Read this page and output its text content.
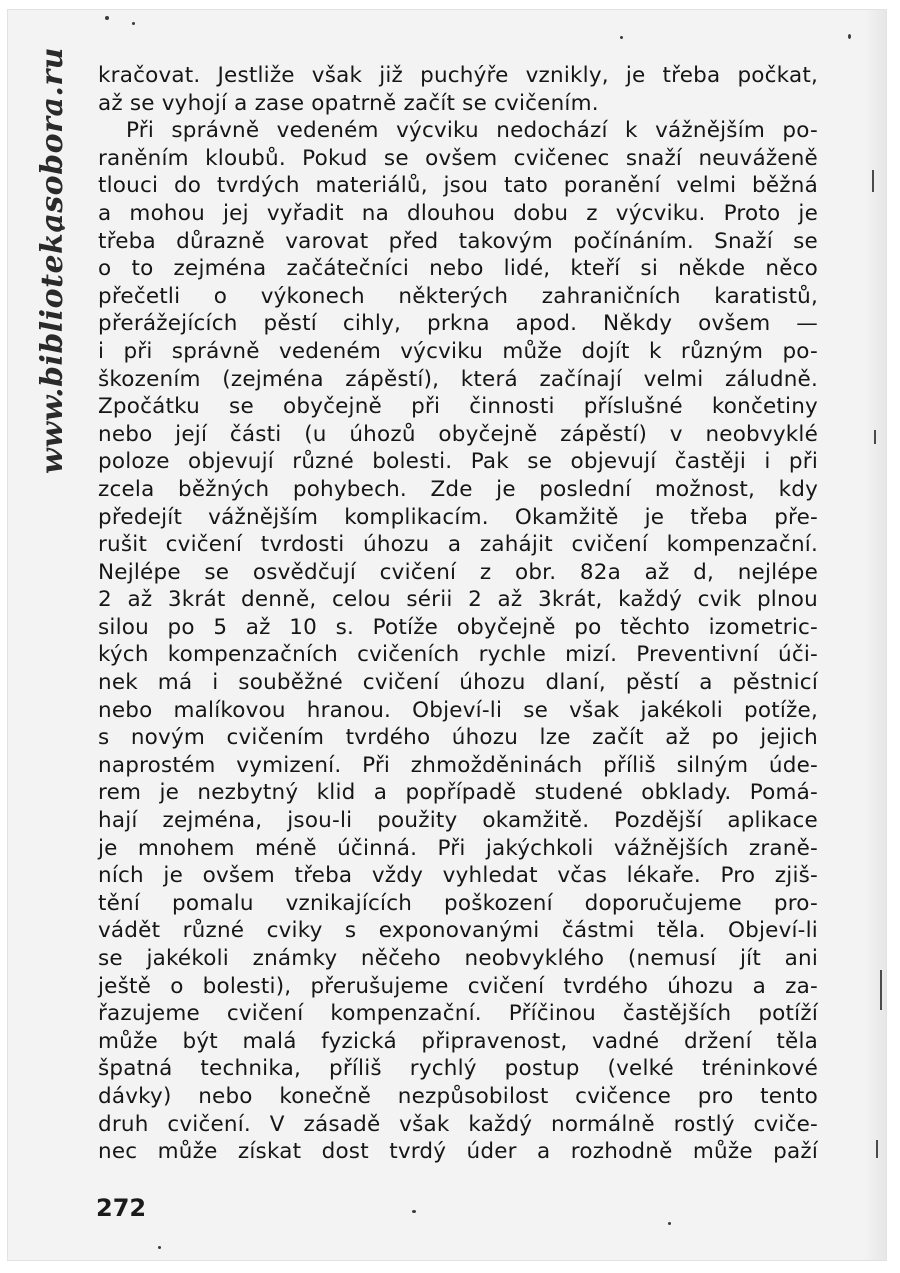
www.bibliotekasobora.ru kračovat. Jestliže však již puchýře vznikly, je třeba počkat,
až se vyhojí a zase opatrně začít se cvičením.
Při správně vedeném výcviku nedochází k vážnějším po-
raněním kloubů. Pokud se ovšem cvičenec snaží neuváženě
tlouci do tvrdých materiálů, jsou tato poranění velmi běžná
a mohou jej vyřadit na dlouhou dobu z výcviku. Proto je
třeba důrazně varovat před takovým počínáním. Snaží se
o to zejména začátečníci nebo lidé, kteří si někde něco
přečetli o výkonech některých zahraničních karatistů,
přerážejících pěstí cihly, prkna apod. Někdy ovšem —
i při správně vedeném výcviku může dojít k různým po-
škozením (zejména zápěstí), která začínají velmi záludně.
Zpočátku se obyčejně při činnosti příslušné končetiny
nebo její části (u úhozů obyčejně zápěstí) v neobvyklé
poloze objevují různé bolesti. Pak se objevují častěji i při
zcela běžných pohybech. Zde je poslední možnost, kdy
předejít vážnějším komplikacím. Okamžitě je třeba pře-
rušit cvičení tvrdosti úhozu a zahájit cvičení kompenzační.
Nejlépe se osvědčují cvičení z obr. 82a až d, nejlépe
2 až 3krát denně, celou sérii 2 až 3krát, každý cvik plnou
silou po 5 až 10 s. Potíže obyčejně po těchto izometric-
kých kompenzačních cvičeních rychle mizí. Preventivní úči-
nek má i souběžné cvičení úhozu dlaní, pěstí a pěstnicí
nebo malíkovou hranou. Objeví-li se však jakékoli potíže,
s novým cvičením tvrdého úhozu lze začít až po jejich
naprostém vymizení. Při zhmožděninách příliš silným úde-
rem je nezbytný klid a popřípadě studené obklady. Pomá-
hají zejména, jsou-li použity okamžitě. Pozdější aplikace
je mnohem méně účinná. Při jakýchkoli vážnějších zraně-
ních je ovšem třeba vždy vyhledat včas lékaře. Pro zjiš-
tění pomalu vznikajících poškození doporučujeme pro-
vádět různé cviky s exponovanými částmi těla. Objeví-li
se jakékoli známky něčeho neobvyklého (nemusí jít ani
ještě o bolesti), přerušujeme cvičení tvrdého úhozu a za-
řazujeme cvičení kompenzační. Příčinou častějších potíží
může být malá fyzická připravenost, vadné držení těla
špatná technika, příliš rychlý postup (velké tréninkové
dávky) nebo konečně nezpůsobilost cvičence pro tento
druh cvičení. V zásadě však každý normálně rostlý cviče-
nec může získat dost tvrdý úder a rozhodně může paží
272
